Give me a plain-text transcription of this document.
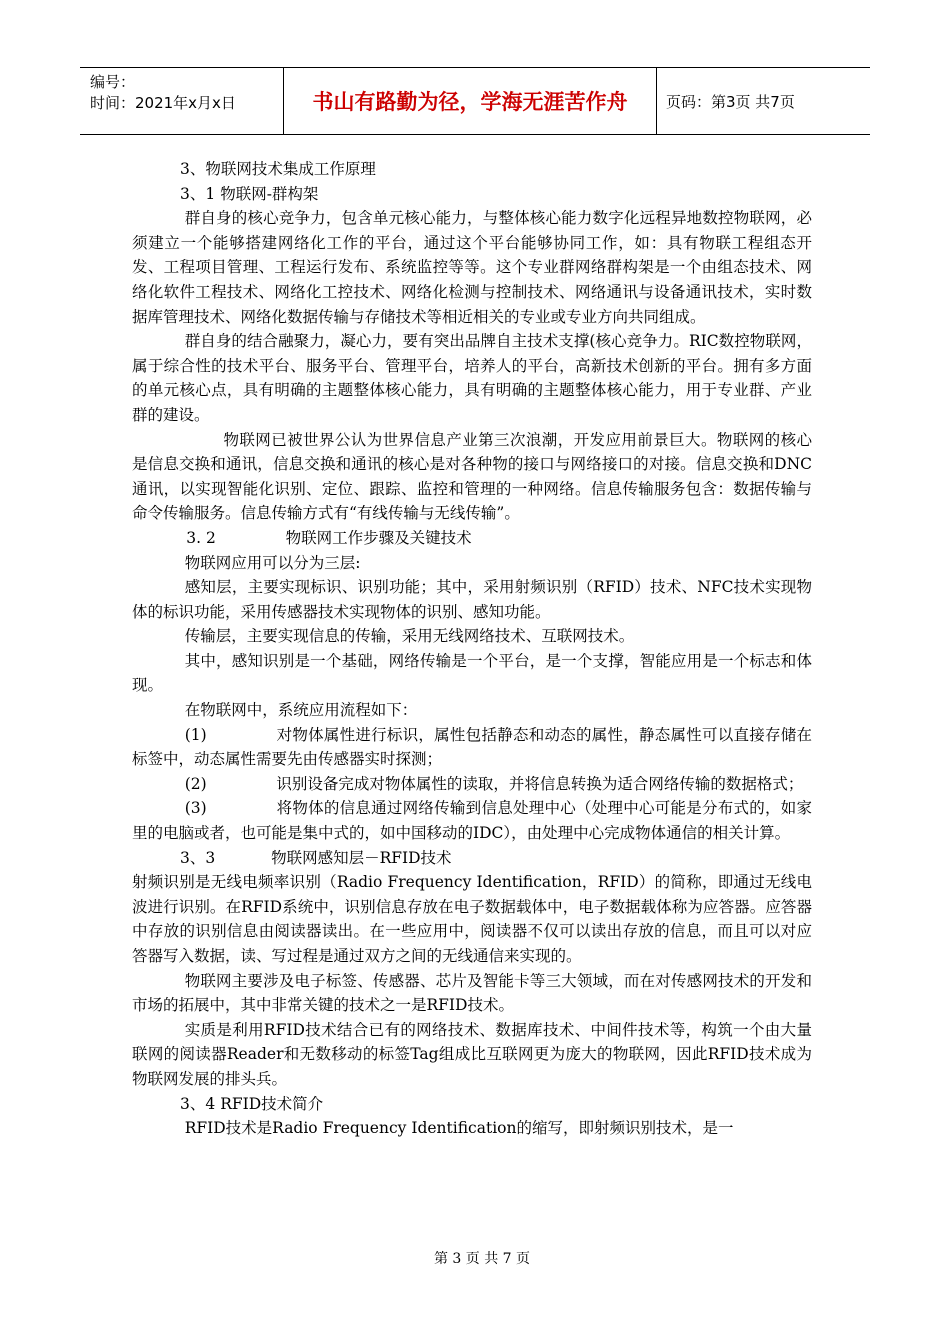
编号：
时间：2021年x月x日	书山有路勤为径，学海无涯苦作舟	页码：第3页 共7页

3、物联网技术集成工作原理

3、1 物联网-群构架

群自身的核心竞争力，包含单元核心能力，与整体核心能力数字化远程异地数控物联网，必须建立一个能够搭建网络化工作的平台，通过这个平台能够协同工作，如：具有物联工程组态开发、工程项目管理、工程运行发布、系统监控等等。这个专业群网络群构架是一个由组态技术、网络化软件工程技术、网络化工控技术、网络化检测与控制技术、网络通讯与设备通讯技术，实时数据库管理技术、网络化数据传输与存储技术等相近相关的专业或专业方向共同组成。

群自身的结合融聚力，凝心力，要有突出品牌自主技术支撑(核心竞争力。RIC数控物联网，属于综合性的技术平台、服务平台、管理平台，培养人的平台，高新技术创新的平台。拥有多方面的单元核心点，具有明确的主题整体核心能力，具有明确的主题整体核心能力，用于专业群、产业群的建设。

物联网已被世界公认为世界信息产业第三次浪潮，开发应用前景巨大。物联网的核心是信息交换和通讯，信息交换和通讯的核心是对各种物的接口与网络接口的对接。信息交换和DNC通讯，以实现智能化识别、定位、跟踪、监控和管理的一种网络。信息传输服务包含：数据传输与命令传输服务。信息传输方式有“有线传输与无线传输”。

3. 2	物联网工作步骤及关键技术

物联网应用可以分为三层:

感知层，主要实现标识、识别功能；其中，采用射频识别（RFID）技术、NFC技术实现物体的标识功能，采用传感器技术实现物体的识别、感知功能。

传输层，主要实现信息的传输，采用无线网络技术、互联网技术。

其中，感知识别是一个基础，网络传输是一个平台，是一个支撑，智能应用是一个标志和体现。

在物联网中，系统应用流程如下：

(1)	对物体属性进行标识，属性包括静态和动态的属性，静态属性可以直接存储在标签中，动态属性需要先由传感器实时探测；

(2)	识别设备完成对物体属性的读取，并将信息转换为适合网络传输的数据格式；

(3)	将物体的信息通过网络传输到信息处理中心（处理中心可能是分布式的，如家里的电脑或者，也可能是集中式的，如中国移动的IDC），由处理中心完成物体通信的相关计算。

3、3	物联网感知层－RFID技术

射频识别是无线电频率识别（Radio Frequency Identification，RFID）的简称，即通过无线电波进行识别。在RFID系统中，识别信息存放在电子数据载体中，电子数据载体称为应答器。应答器中存放的识别信息由阅读器读出。在一些应用中，阅读器不仅可以读出存放的信息，而且可以对应答器写入数据，读、写过程是通过双方之间的无线通信来实现的。

物联网主要涉及电子标签、传感器、芯片及智能卡等三大领域，而在对传感网技术的开发和市场的拓展中，其中非常关键的技术之一是RFID技术。

实质是利用RFID技术结合已有的网络技术、数据库技术、中间件技术等，构筑一个由大量联网的阅读器Reader和无数移动的标签Tag组成比互联网更为庞大的物联网，因此RFID技术成为物联网发展的排头兵。

3、4 RFID技术简介

RFID技术是Radio Frequency Identification的缩写，即射频识别技术，是一

第 3 页 共 7 页
